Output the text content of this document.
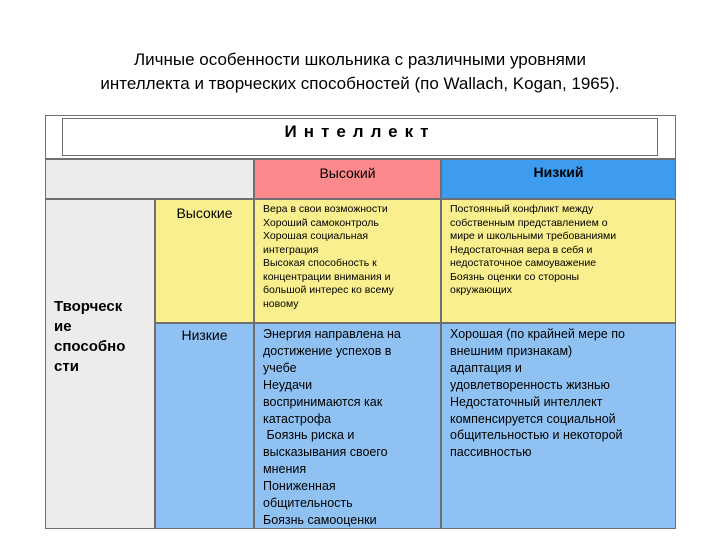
Личные особенности школьника с различными уровнями
интеллекта и творческих способностей (по Wallach, Kogan, 1965).
Интеллект
Высокий	Низкий
Творческ
ие
способно
сти
Высокие
Низкие
Вера в свои возможности
Хороший самоконтроль
Хорошая социальная
интеграция
Высокая способность к
концентрации внимания и
большой интерес ко всему
новому
Постоянный конфликт между
собственным представлением о
мире и школьными требованиями
Недостаточная вера в себя и
недостаточное самоуважение
Боязнь оценки со стороны
окружающих
Энергия направлена на
достижение успехов в
учебе
Неудачи
воспринимаются как
катастрофа
Боязнь риска и
высказывания своего
мнения
Пониженная
общительность
Боязнь самооценки
Хорошая (по крайней мере по
внешним признакам)
адаптация и
удовлетворенность жизнью
Недостаточный интеллект
компенсируется социальной
общительностью и некоторой
пассивностью
